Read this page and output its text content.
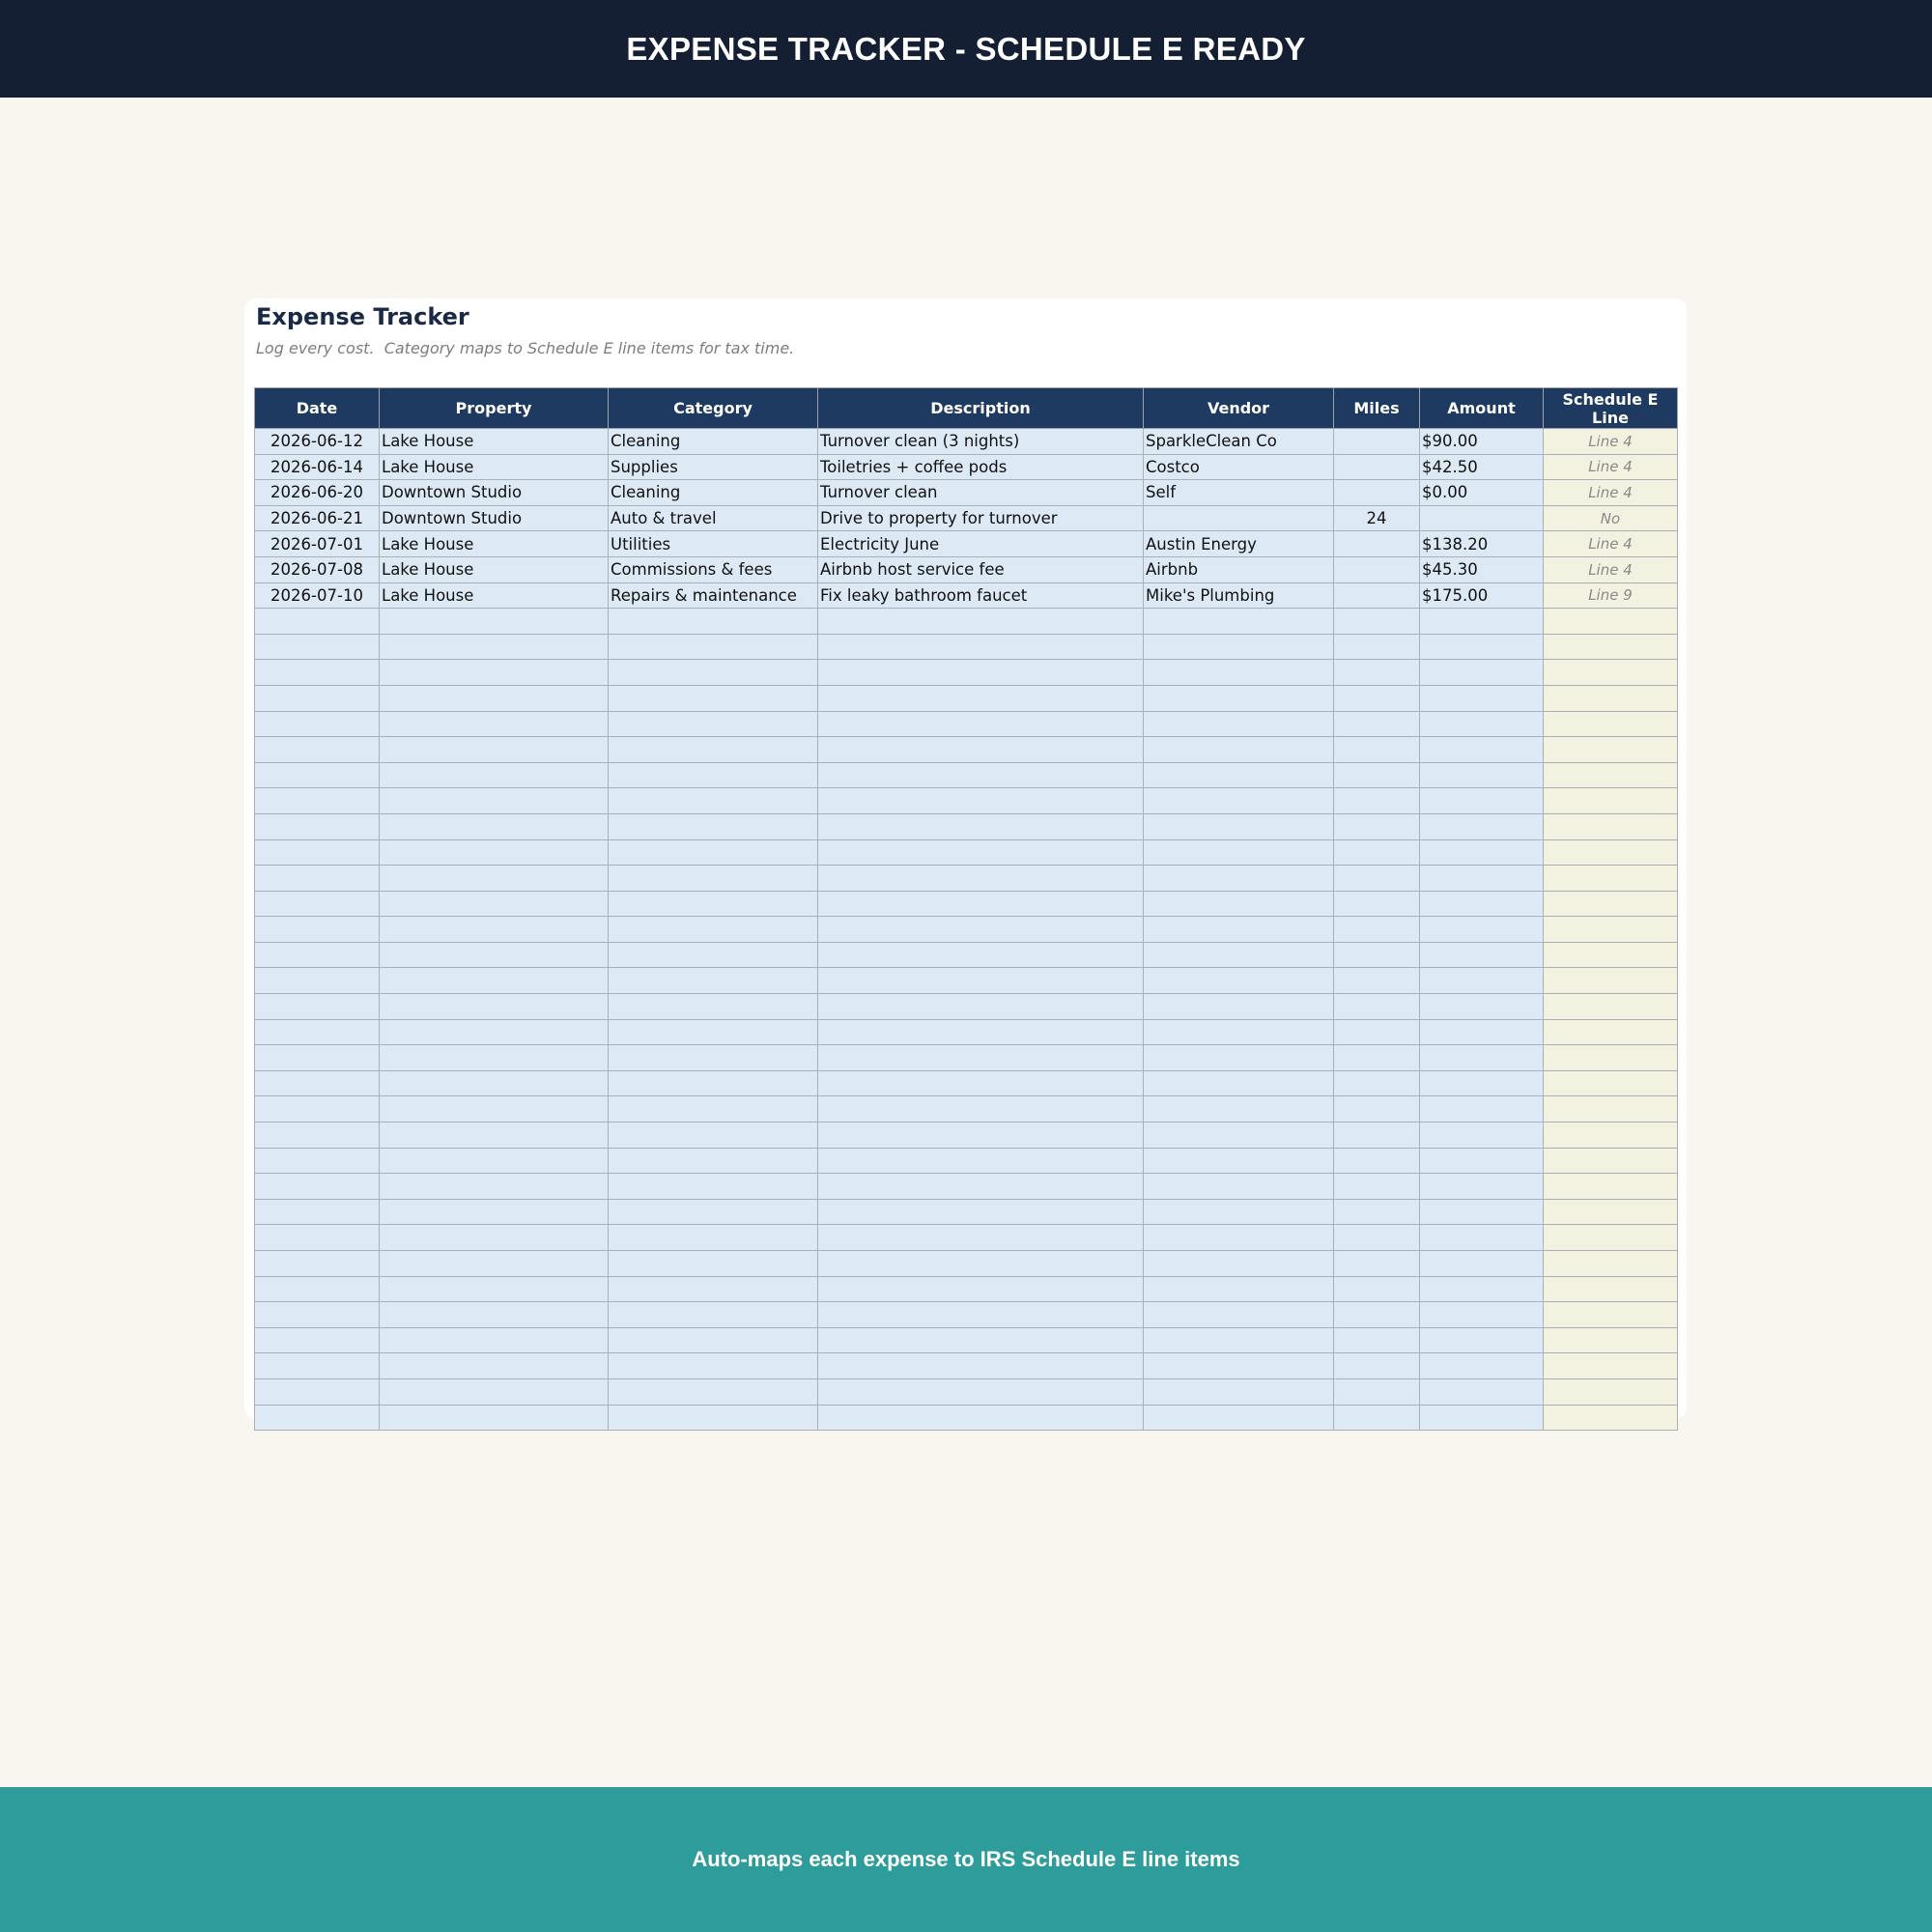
EXPENSE TRACKER - SCHEDULE E READY
Expense Tracker

Log every cost.  Category maps to Schedule E line items for tax time.

Date	Property	Category	Description	Vendor	Miles	Amount	Schedule E Line
2026-06-12	Lake House	Cleaning	Turnover clean (3 nights)	SparkleClean Co		$90.00	Line 4
2026-06-14	Lake House	Supplies	Toiletries + coffee pods	Costco		$42.50	Line 4
2026-06-20	Downtown Studio	Cleaning	Turnover clean	Self		$0.00	Line 4
2026-06-21	Downtown Studio	Auto & travel	Drive to property for turnover		24		No
2026-07-01	Lake House	Utilities	Electricity June	Austin Energy		$138.20	Line 4
2026-07-08	Lake House	Commissions & fees	Airbnb host service fee	Airbnb		$45.30	Line 4
2026-07-10	Lake House	Repairs & maintenance	Fix leaky bathroom faucet	Mike's Plumbing		$175.00	Line 9

Auto-maps each expense to IRS Schedule E line items
